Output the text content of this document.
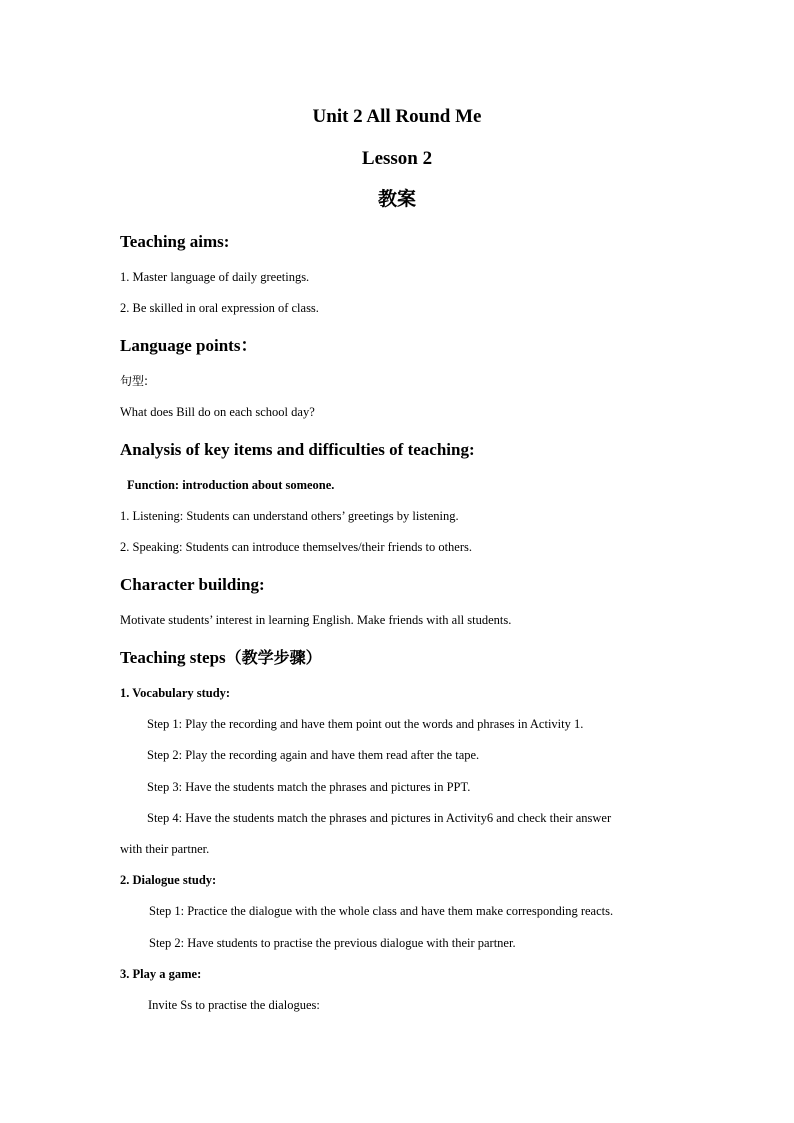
Unit 2 All Round Me
Lesson 2
教案
Teaching aims:
1. Master language of daily greetings.
2. Be skilled in oral expression of class.
Language points：
句型:
What does Bill do on each school day?
Analysis of key items and difficulties of teaching:
Function: introduction about someone.
1. Listening: Students can understand others’ greetings by listening.
2. Speaking: Students can introduce themselves/their friends to others.
Character building:
Motivate students’ interest in learning English. Make friends with all students.
Teaching steps（教学步骤）
1. Vocabulary study:
Step 1: Play the recording and have them point out the words and phrases in Activity 1.
Step 2: Play the recording again and have them read after the tape.
Step 3: Have the students match the phrases and pictures in PPT.
Step 4: Have the students match the phrases and pictures in Activity6 and check their answer
with their partner.
2. Dialogue study:
Step 1: Practice the dialogue with the whole class and have them make corresponding reacts.
Step 2: Have students to practise the previous dialogue with their partner.
3. Play a game:
Invite Ss to practise the dialogues:
